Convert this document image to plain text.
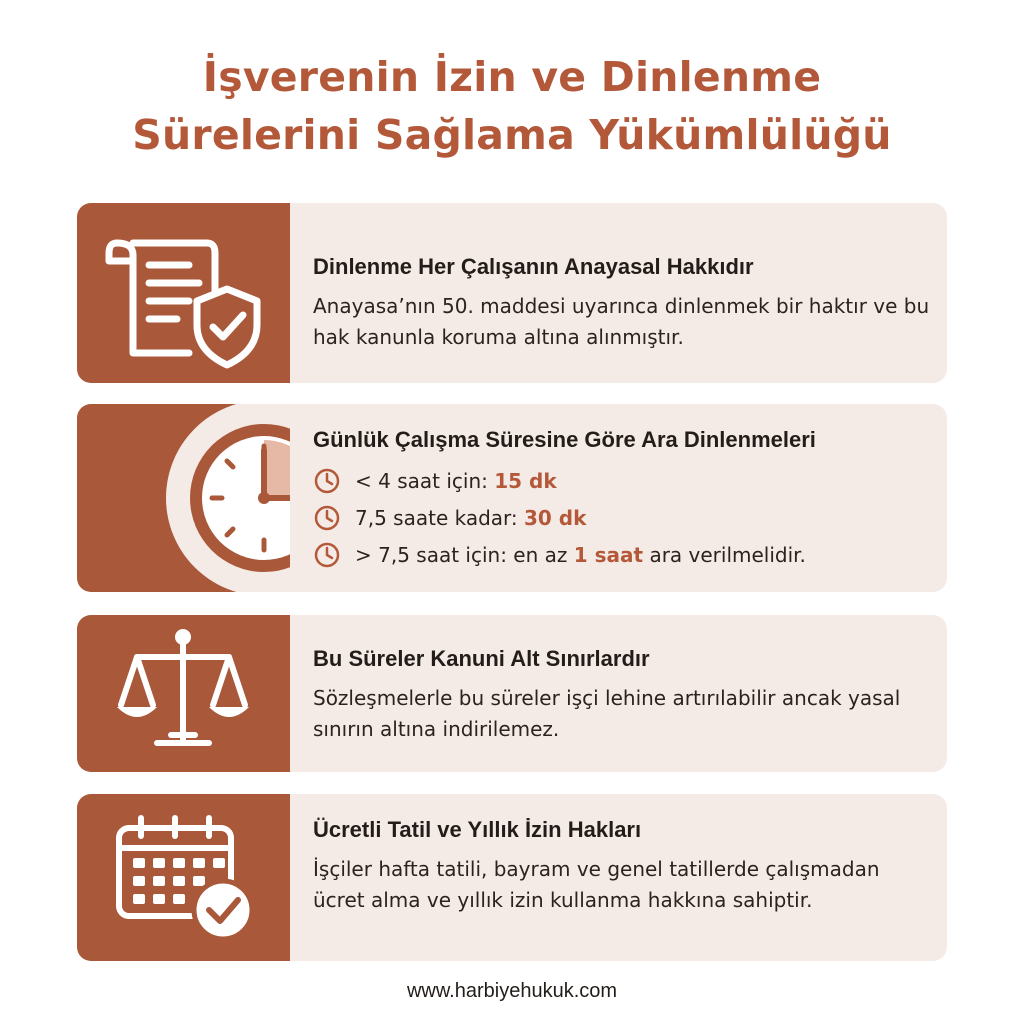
İşverenin İzin ve Dinlenme
Sürelerini Sağlama Yükümlülüğü

Dinlenme Her Çalışanın Anayasal Hakkıdır

Anayasa’nın 50. maddesi uyarınca dinlenmek bir haktır ve bu hak kanunla koruma altına alınmıştır.

Günlük Çalışma Süresine Göre Ara Dinlenmeleri

< 4 saat için: 15 dk
7,5 saate kadar: 30 dk
> 7,5 saat için: en az 1 saat ara verilmelidir.

Bu Süreler Kanuni Alt Sınırlardır

Sözleşmelerle bu süreler işçi lehine artırılabilir ancak yasal sınırın altına indirilemez.

Ücretli Tatil ve Yıllık İzin Hakları

İşçiler hafta tatili, bayram ve genel tatillerde çalışmadan ücret alma ve yıllık izin kullanma hakkına sahiptir.
www.harbiyehukuk.com
